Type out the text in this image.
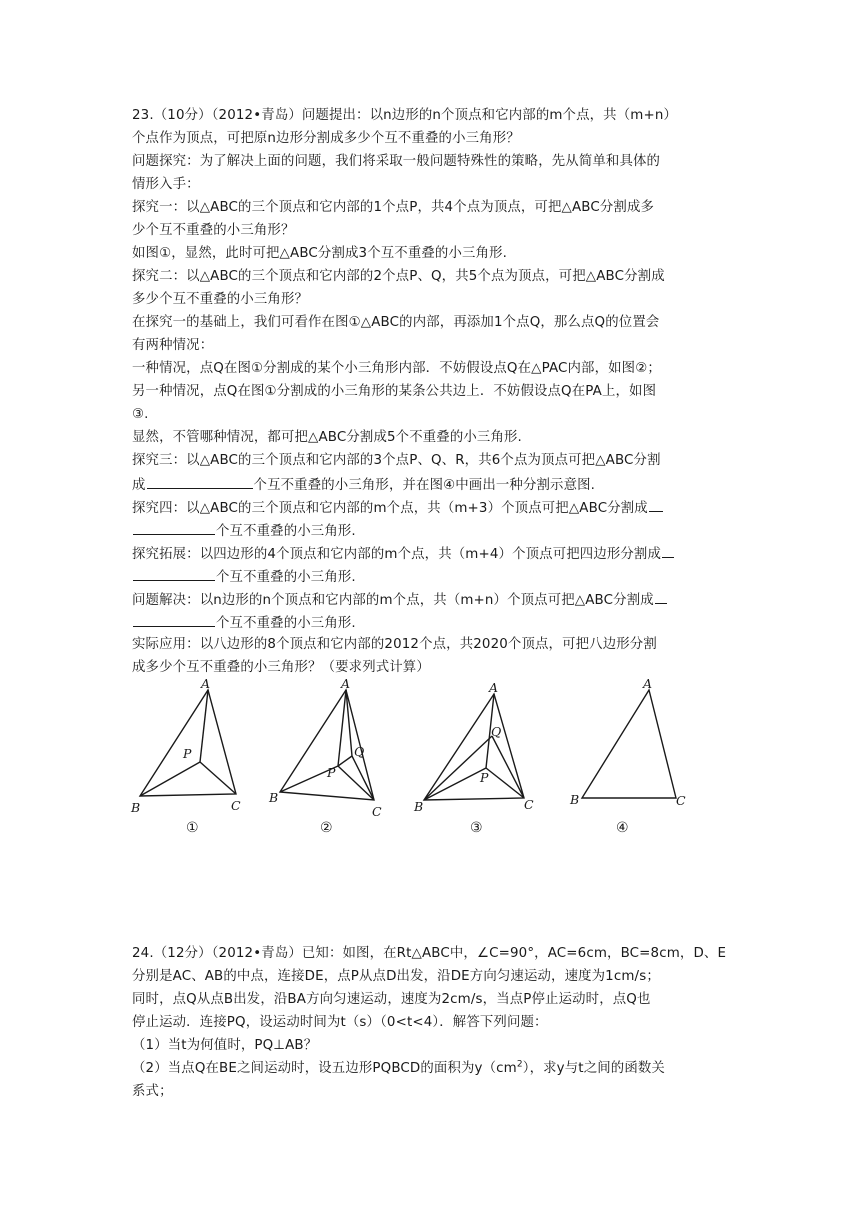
23.（10分）（2012•青岛）问题提出：以n边形的n个顶点和它内部的m个点，共（m+n）
个点作为顶点，可把原n边形分割成多少个互不重叠的小三角形？
问题探究：为了解决上面的问题，我们将采取一般问题特殊性的策略，先从简单和具体的
情形入手：
探究一：以△ABC的三个顶点和它内部的1个点P，共4个点为顶点，可把△ABC分割成多
少个互不重叠的小三角形？
如图①，显然，此时可把△ABC分割成3个互不重叠的小三角形.
探究二：以△ABC的三个顶点和它内部的2个点P、Q，共5个点为顶点，可把△ABC分割成
多少个互不重叠的小三角形？
在探究一的基础上，我们可看作在图①△ABC的内部，再添加1个点Q，那么点Q的位置会
有两种情况：
一种情况，点Q在图①分割成的某个小三角形内部．不妨假设点Q在△PAC内部，如图②；
另一种情况，点Q在图①分割成的小三角形的某条公共边上．不妨假设点Q在PA上，如图
③.
显然，不管哪种情况，都可把△ABC分割成5个不重叠的小三角形.
探究三：以△ABC的三个顶点和它内部的3个点P、Q、R，共6个点为顶点可把△ABC分割
成	个互不重叠的小三角形，并在图④中画出一种分割示意图.
探究四：以△ABC的三个顶点和它内部的m个点，共（m+3）个顶点可把△ABC分割成
个互不重叠的小三角形.
探究拓展：以四边形的4个顶点和它内部的m个点，共（m+4）个顶点可把四边形分割成
个互不重叠的小三角形.
问题解决：以n边形的n个顶点和它内部的m个点，共（m+n）个顶点可把△ABC分割成
个互不重叠的小三角形.
实际应用：以八边形的8个顶点和它内部的2012个点，共2020个顶点，可把八边形分割
成多少个互不重叠的小三角形？（要求列式计算）
A
B	C
P
①
A
B
C
P
Q
②
A
B	C
P
Q
③
A
B	C
④
24.（12分）（2012•青岛）已知：如图，在Rt△ABC中，∠C=90°，AC=6cm，BC=8cm，D、E
分别是AC、AB的中点，连接DE，点P从点D出发，沿DE方向匀速运动，速度为1cm/s；
同时，点Q从点B出发，沿BA方向匀速运动，速度为2cm/s，当点P停止运动时，点Q也
停止运动．连接PQ，设运动时间为t（s）（0<t<4）．解答下列问题：
（1）当t为何值时，PQ⊥AB？
（2）当点Q在BE之间运动时，设五边形PQBCD的面积为$y(cm^2)$，求y与t之间的函数关
系式；
